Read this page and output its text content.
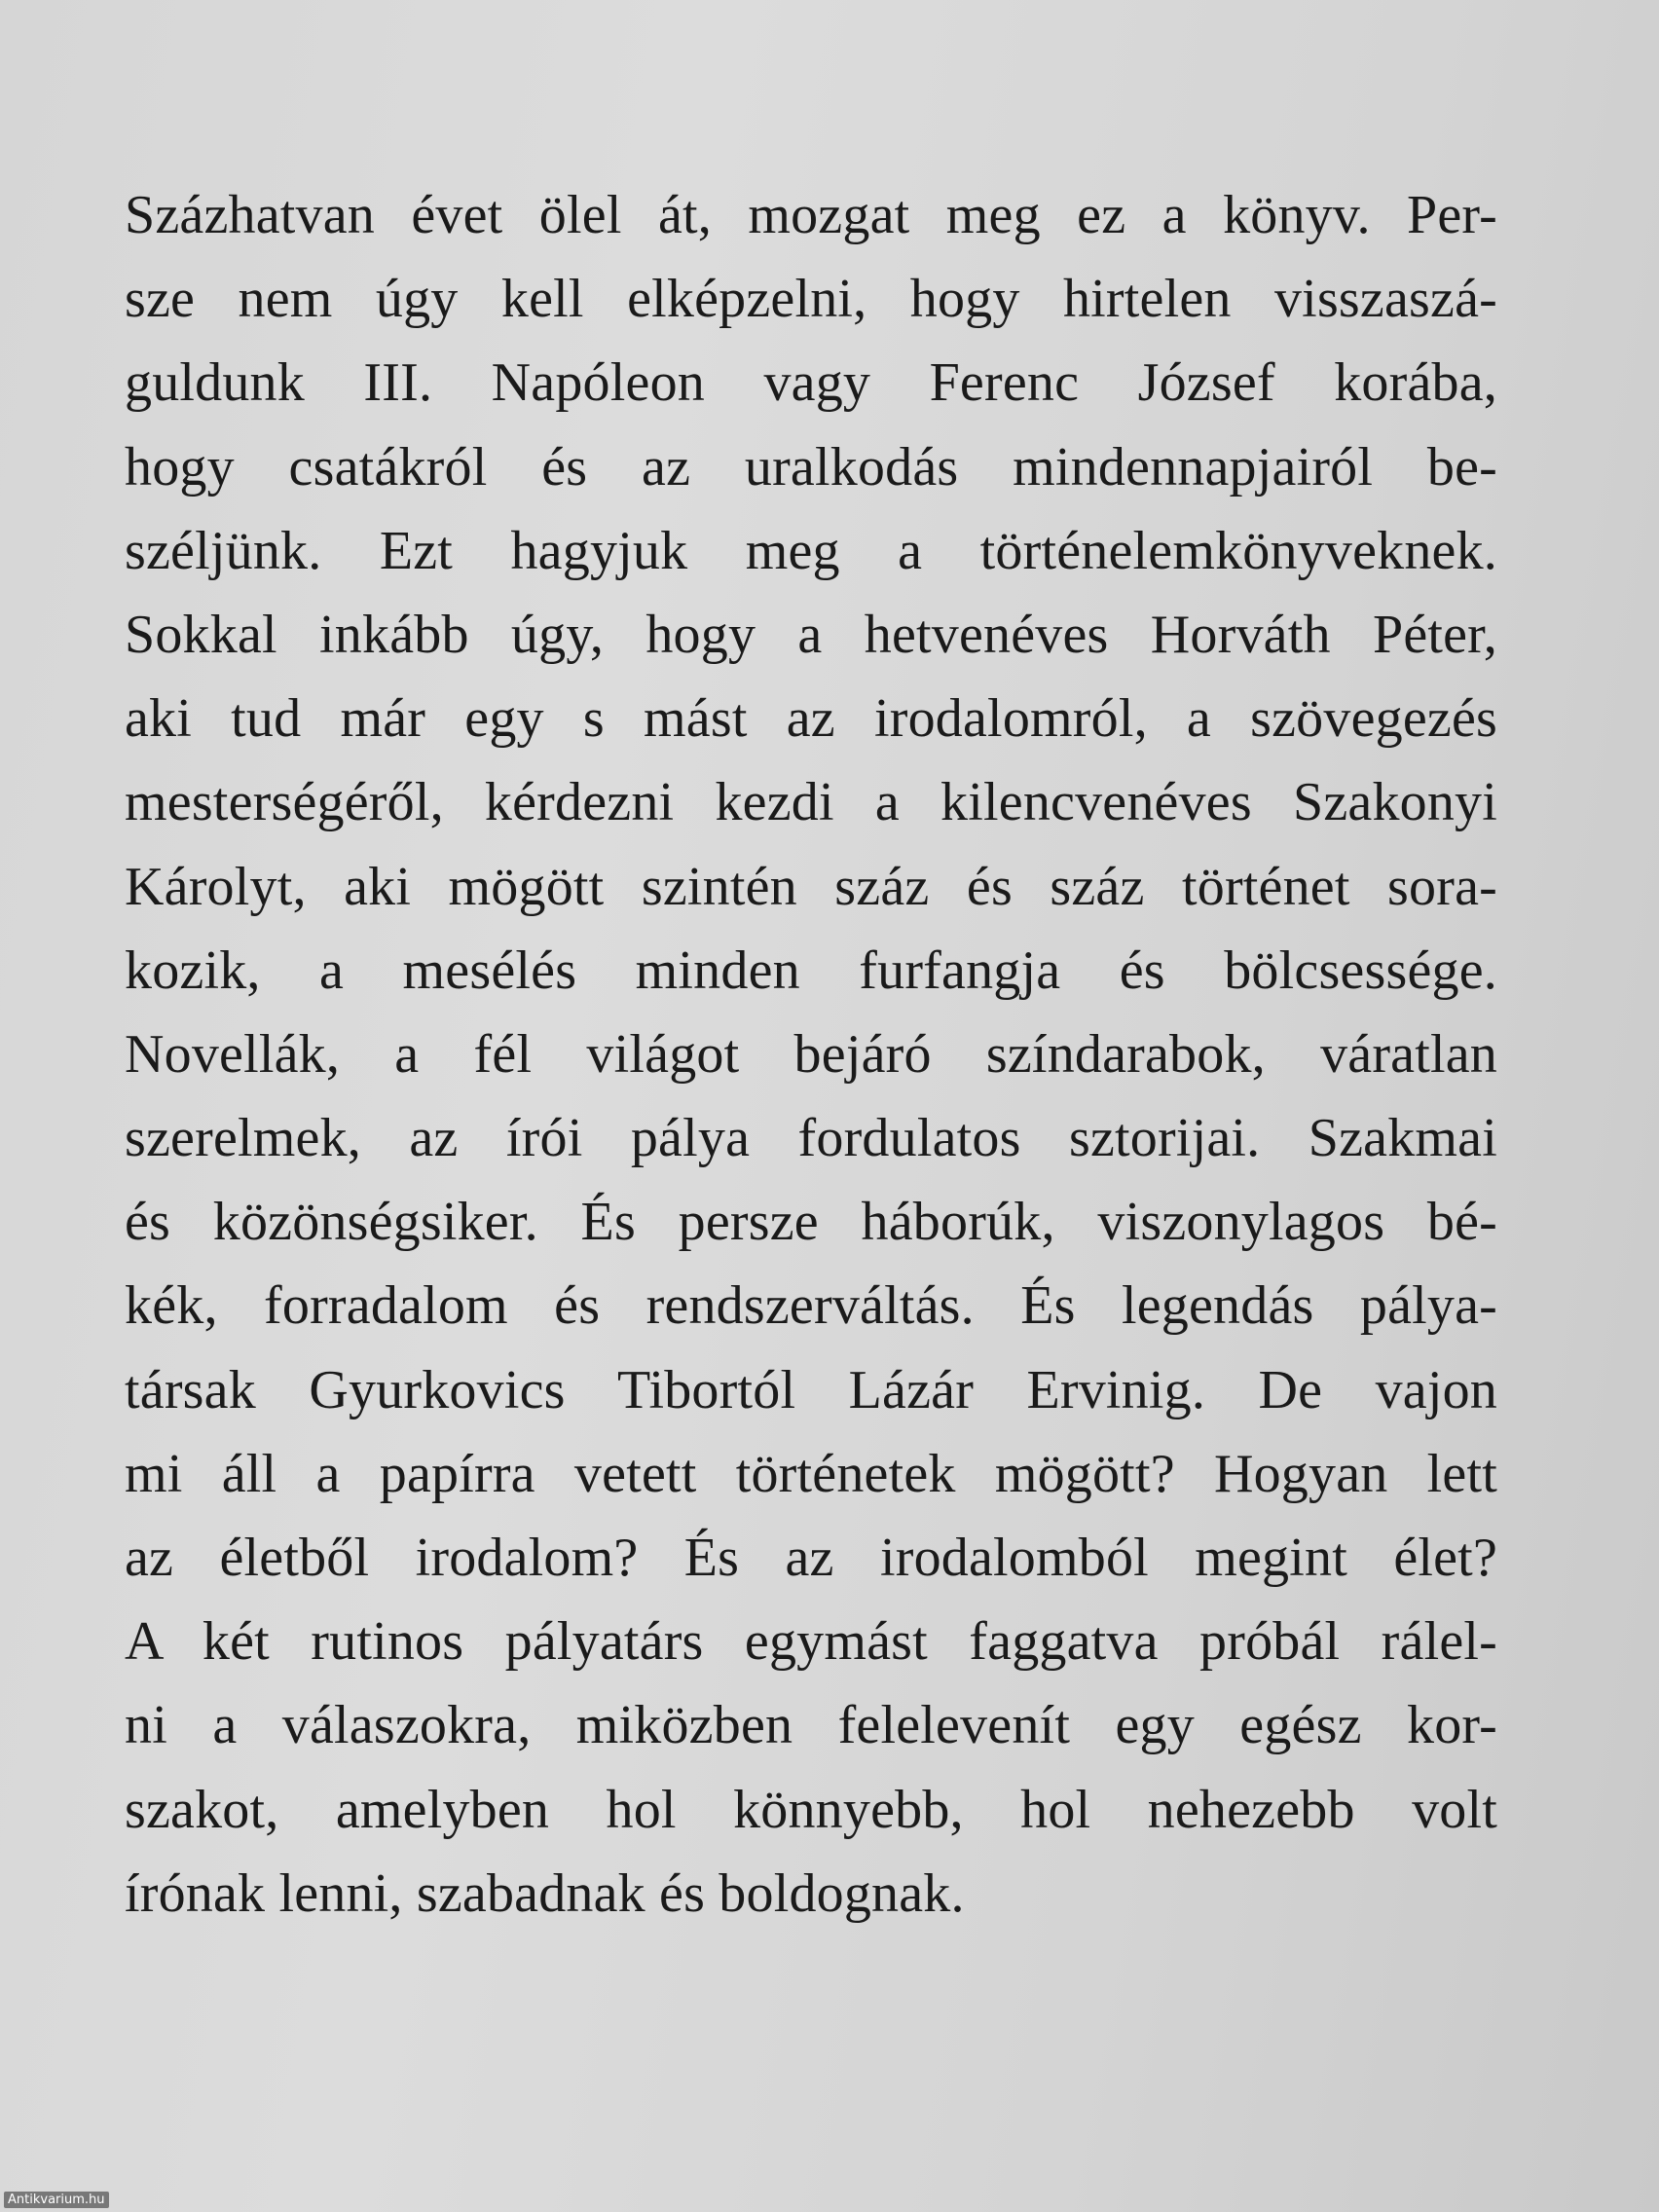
Százhatvan évet ölel át, mozgat meg ez a könyv. Per-
sze nem úgy kell elképzelni, hogy hirtelen visszaszá-
guldunk III. Napóleon vagy Ferenc József korába,
hogy csatákról és az uralkodás mindennapjairól be-
széljünk. Ezt hagyjuk meg a történelemkönyveknek.
Sokkal inkább úgy, hogy a hetvenéves Horváth Péter,
aki tud már egy s mást az irodalomról, a szövegezés
mesterségéről, kérdezni kezdi a kilencvenéves Szakonyi
Károlyt, aki mögött szintén száz és száz történet sora-
kozik, a mesélés minden furfangja és bölcsessége.
Novellák, a fél világot bejáró színdarabok, váratlan
szerelmek, az írói pálya fordulatos sztorijai. Szakmai
és közönségsiker. És persze háborúk, viszonylagos bé-
kék, forradalom és rendszerváltás. És legendás pálya-
társak Gyurkovics Tibortól Lázár Ervinig. De vajon
mi áll a papírra vetett történetek mögött? Hogyan lett
az életből irodalom? És az irodalomból megint élet?
A két rutinos pályatárs egymást faggatva próbál rálel-
ni a válaszokra, miközben felelevenít egy egész kor-
szakot, amelyben hol könnyebb, hol nehezebb volt
írónak lenni, szabadnak és boldognak.
Antikvarium.hu
